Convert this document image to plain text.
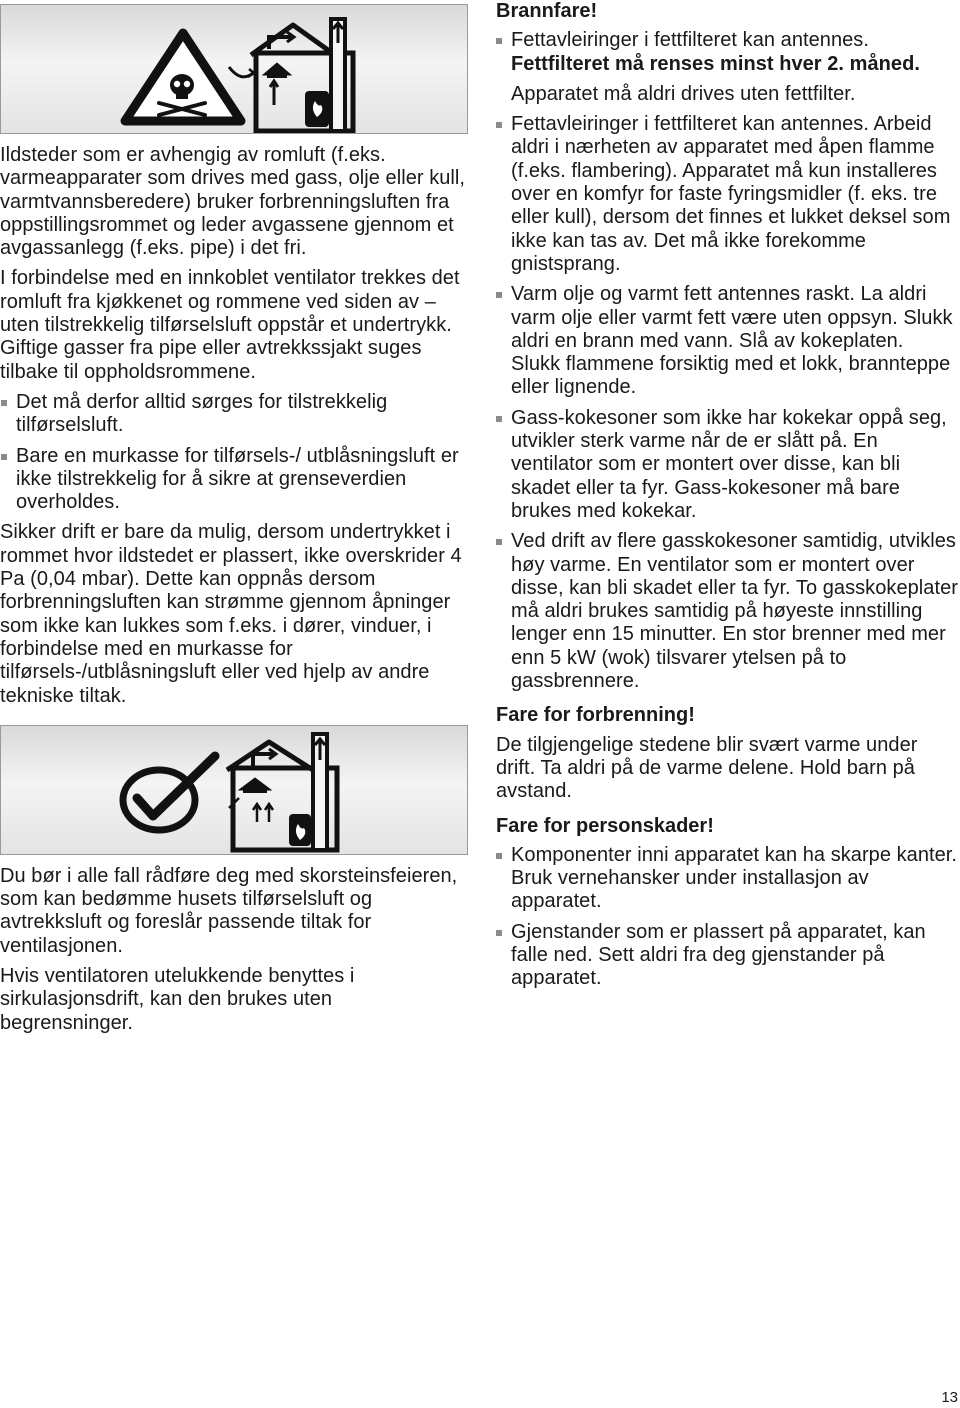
Ildsteder som er avhengig av romluft (f.eks. varmeapparater som drives med gass, olje eller kull, varmtvannsberedere) bruker forbrenningsluften fra oppstillingsrommet og leder avgassene gjennom et avgassanlegg (f.eks. pipe) i det fri.

I forbindelse med en innkoblet ventilator trekkes det romluft fra kjøkkenet og rommene ved siden av – uten tilstrekkelig tilførselsluft oppstår et undertrykk. Giftige gasser fra pipe eller avtrekkssjakt suges tilbake til oppholdsrommene.

Det må derfor alltid sørges for tilstrekkelig tilførselsluft.
Bare en murkasse for tilførsels-/ utblåsningsluft er ikke tilstrekkelig for å sikre at grenseverdien overholdes.

Sikker drift er bare da mulig, dersom undertrykket i rommet hvor ildstedet er plassert, ikke overskrider 4 Pa (0,04 mbar). Dette kan oppnås dersom forbrenningsluften kan strømme gjennom åpninger som ikke kan lukkes som f.eks. i dører, vinduer, i forbindelse med en murkasse for tilførsels-/utblåsningsluft eller ved hjelp av andre tekniske tiltak.

Du bør i alle fall rådføre deg med skorsteinsfeieren, som kan bedømme husets tilførselsluft og avtrekksluft og foreslår passende tiltak for ventilasjonen.

Hvis ventilatoren utelukkende benyttes i sirkulasjonsdrift, kan den brukes uten begrensninger.

Brannfare!
Fettavleiringer i fettfilteret kan antennes.
Fettfilteret må renses minst hver 2. måned.
Apparatet må aldri drives uten fettfilter.
Fettavleiringer i fettfilteret kan antennes. Arbeid aldri i nærheten av apparatet med åpen flamme (f.eks. flambering). Apparatet må kun installeres over en komfyr for faste fyringsmidler (f. eks. tre eller kull), dersom det finnes et lukket deksel som ikke kan tas av. Det må ikke forekomme gnistsprang.
Varm olje og varmt fett antennes raskt. La aldri varm olje eller varmt fett være uten oppsyn. Slukk aldri en brann med vann. Slå av kokeplaten. Slukk flammene forsiktig med et lokk, brannteppe eller lignende.
Gass-kokesoner som ikke har kokekar oppå seg, utvikler sterk varme når de er slått på. En ventilator som er montert over disse, kan bli skadet eller ta fyr. Gass-kokesoner må bare brukes med kokekar.
Ved drift av flere gasskokesoner samtidig, utvikles høy varme. En ventilator som er montert over disse, kan bli skadet eller ta fyr. To gasskokeplater må aldri brukes samtidig på høyeste innstilling lenger enn 15 minutter. En stor brenner med mer enn 5 kW (wok) tilsvarer ytelsen på to gassbrennere.
Fare for forbrenning!

De tilgjengelige stedene blir svært varme under drift. Ta aldri på de varme delene. Hold barn på avstand.

Fare for personskader!
Komponenter inni apparatet kan ha skarpe kanter. Bruk vernehansker under installasjon av apparatet.
Gjenstander som er plassert på apparatet, kan falle ned. Sett aldri fra deg gjenstander på apparatet.
13
